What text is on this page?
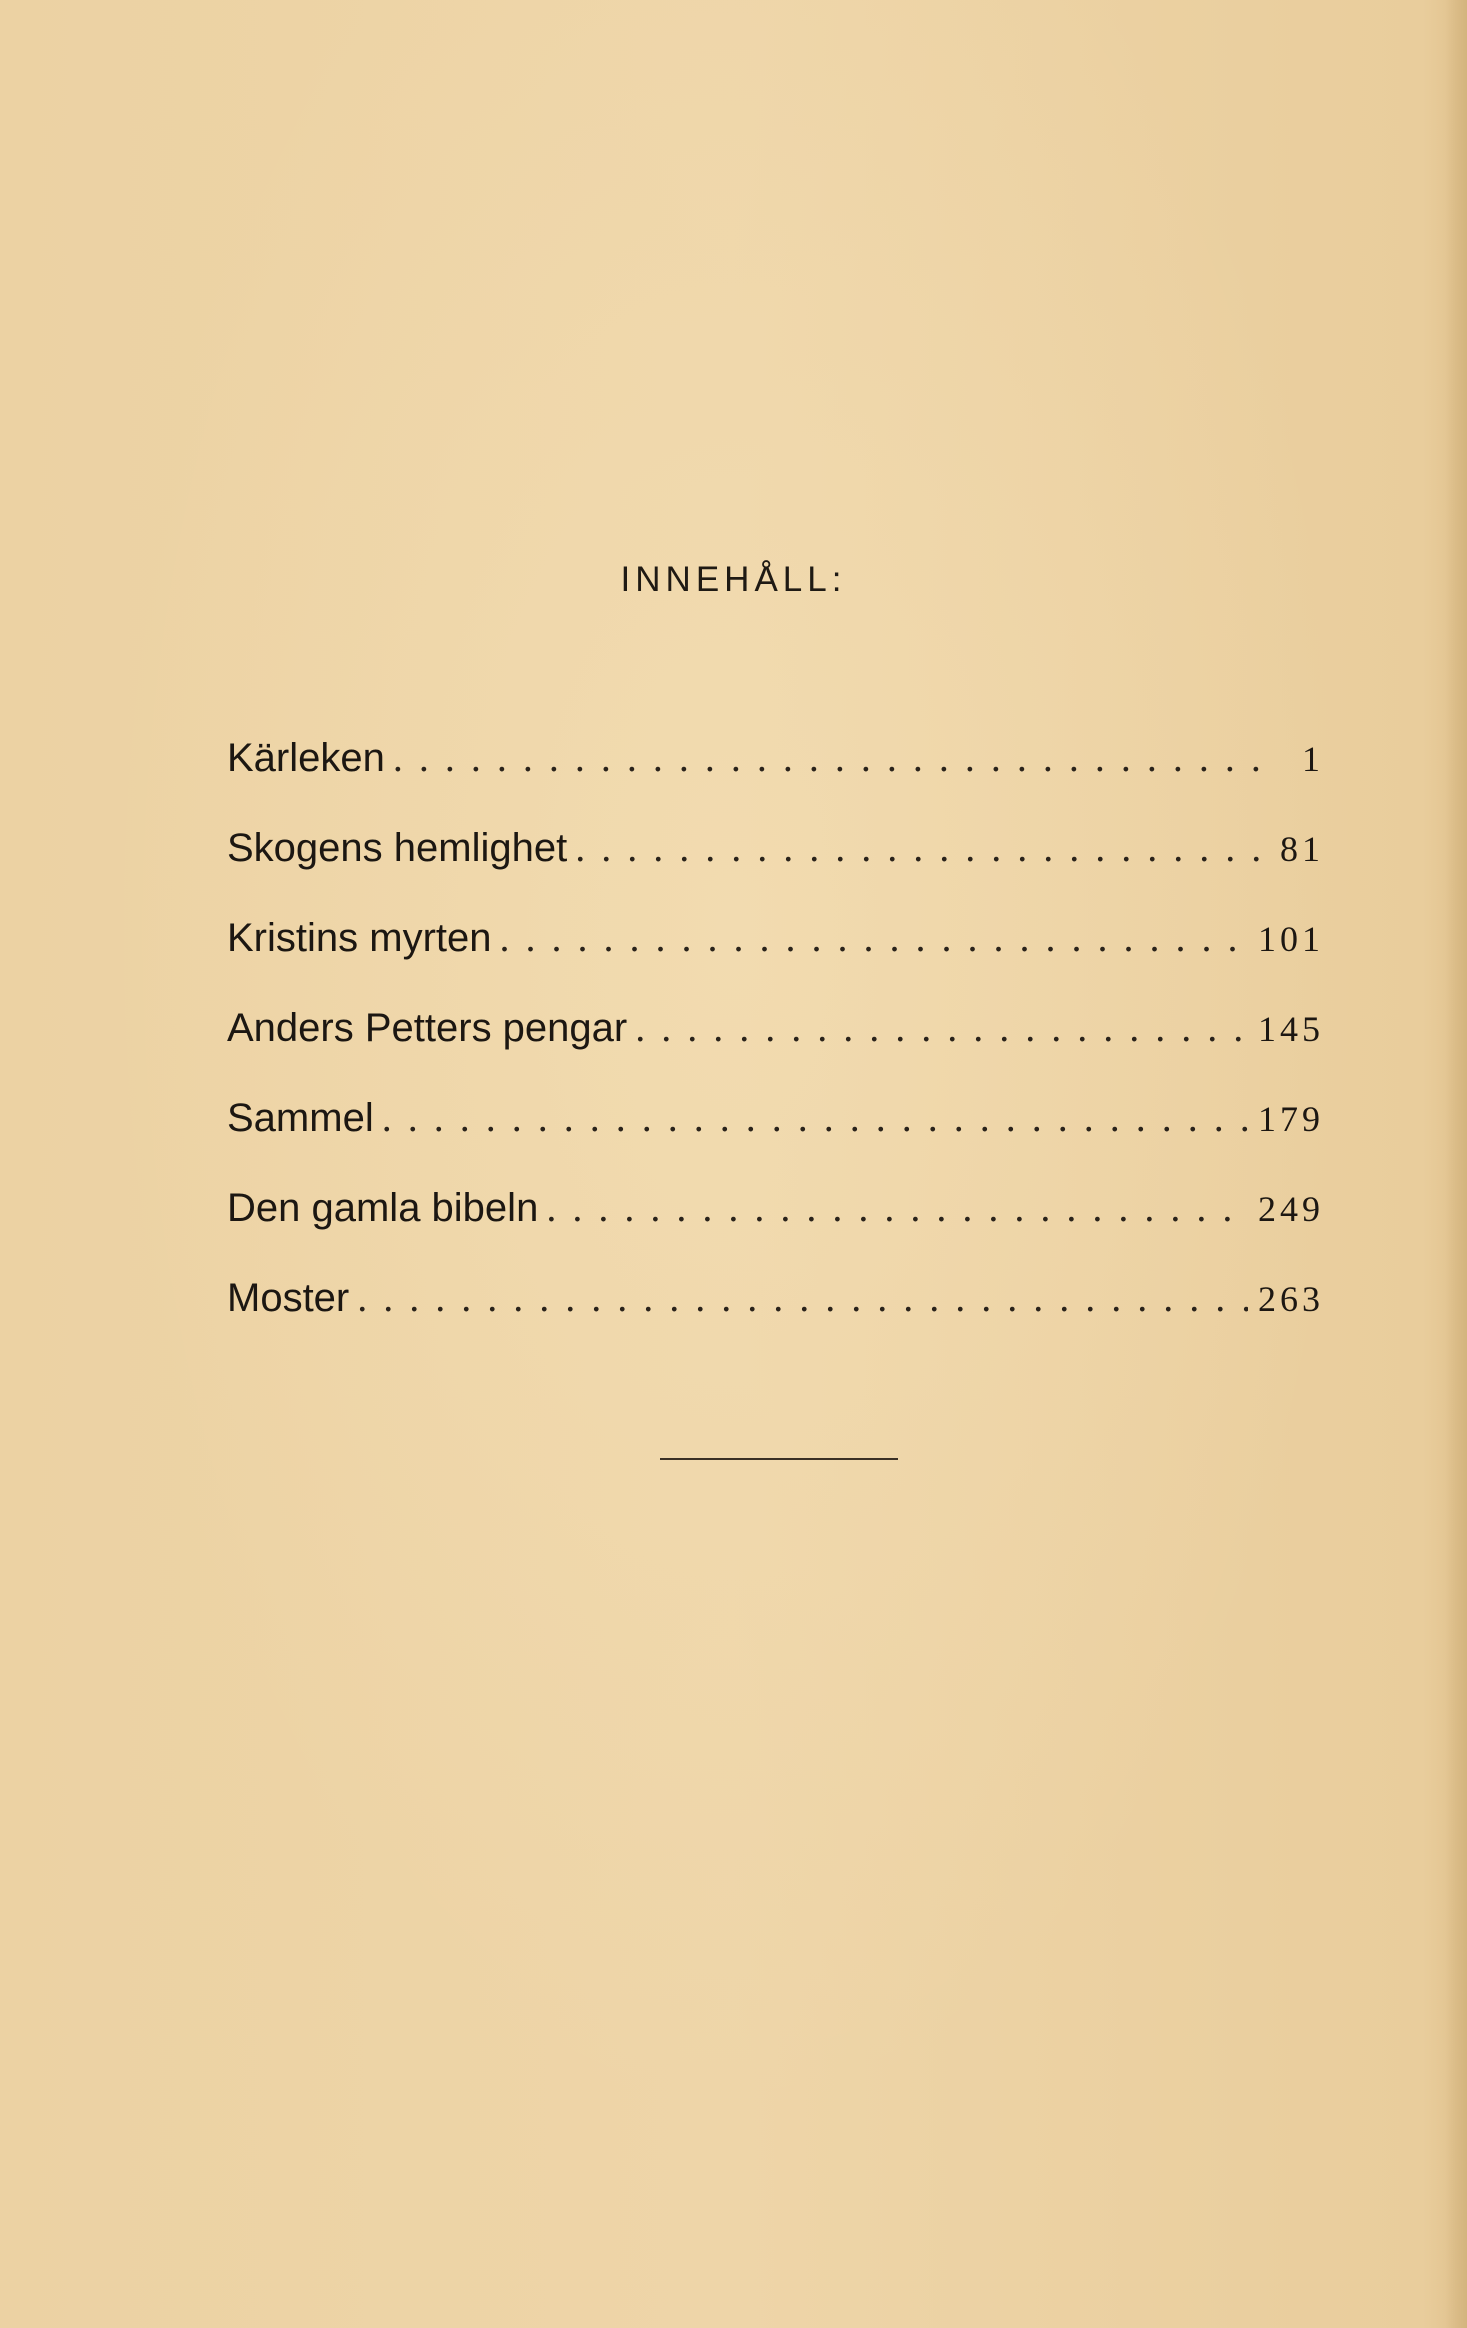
INNEHÅLL:
Kärleken . . .	1
Skogens hemlighet . . .	81
Kristins myrten . . .	101
Anders Petters pengar . . .	145
Sammel . . .	179
Den gamla bibeln . . .	249
Moster . . .	263
